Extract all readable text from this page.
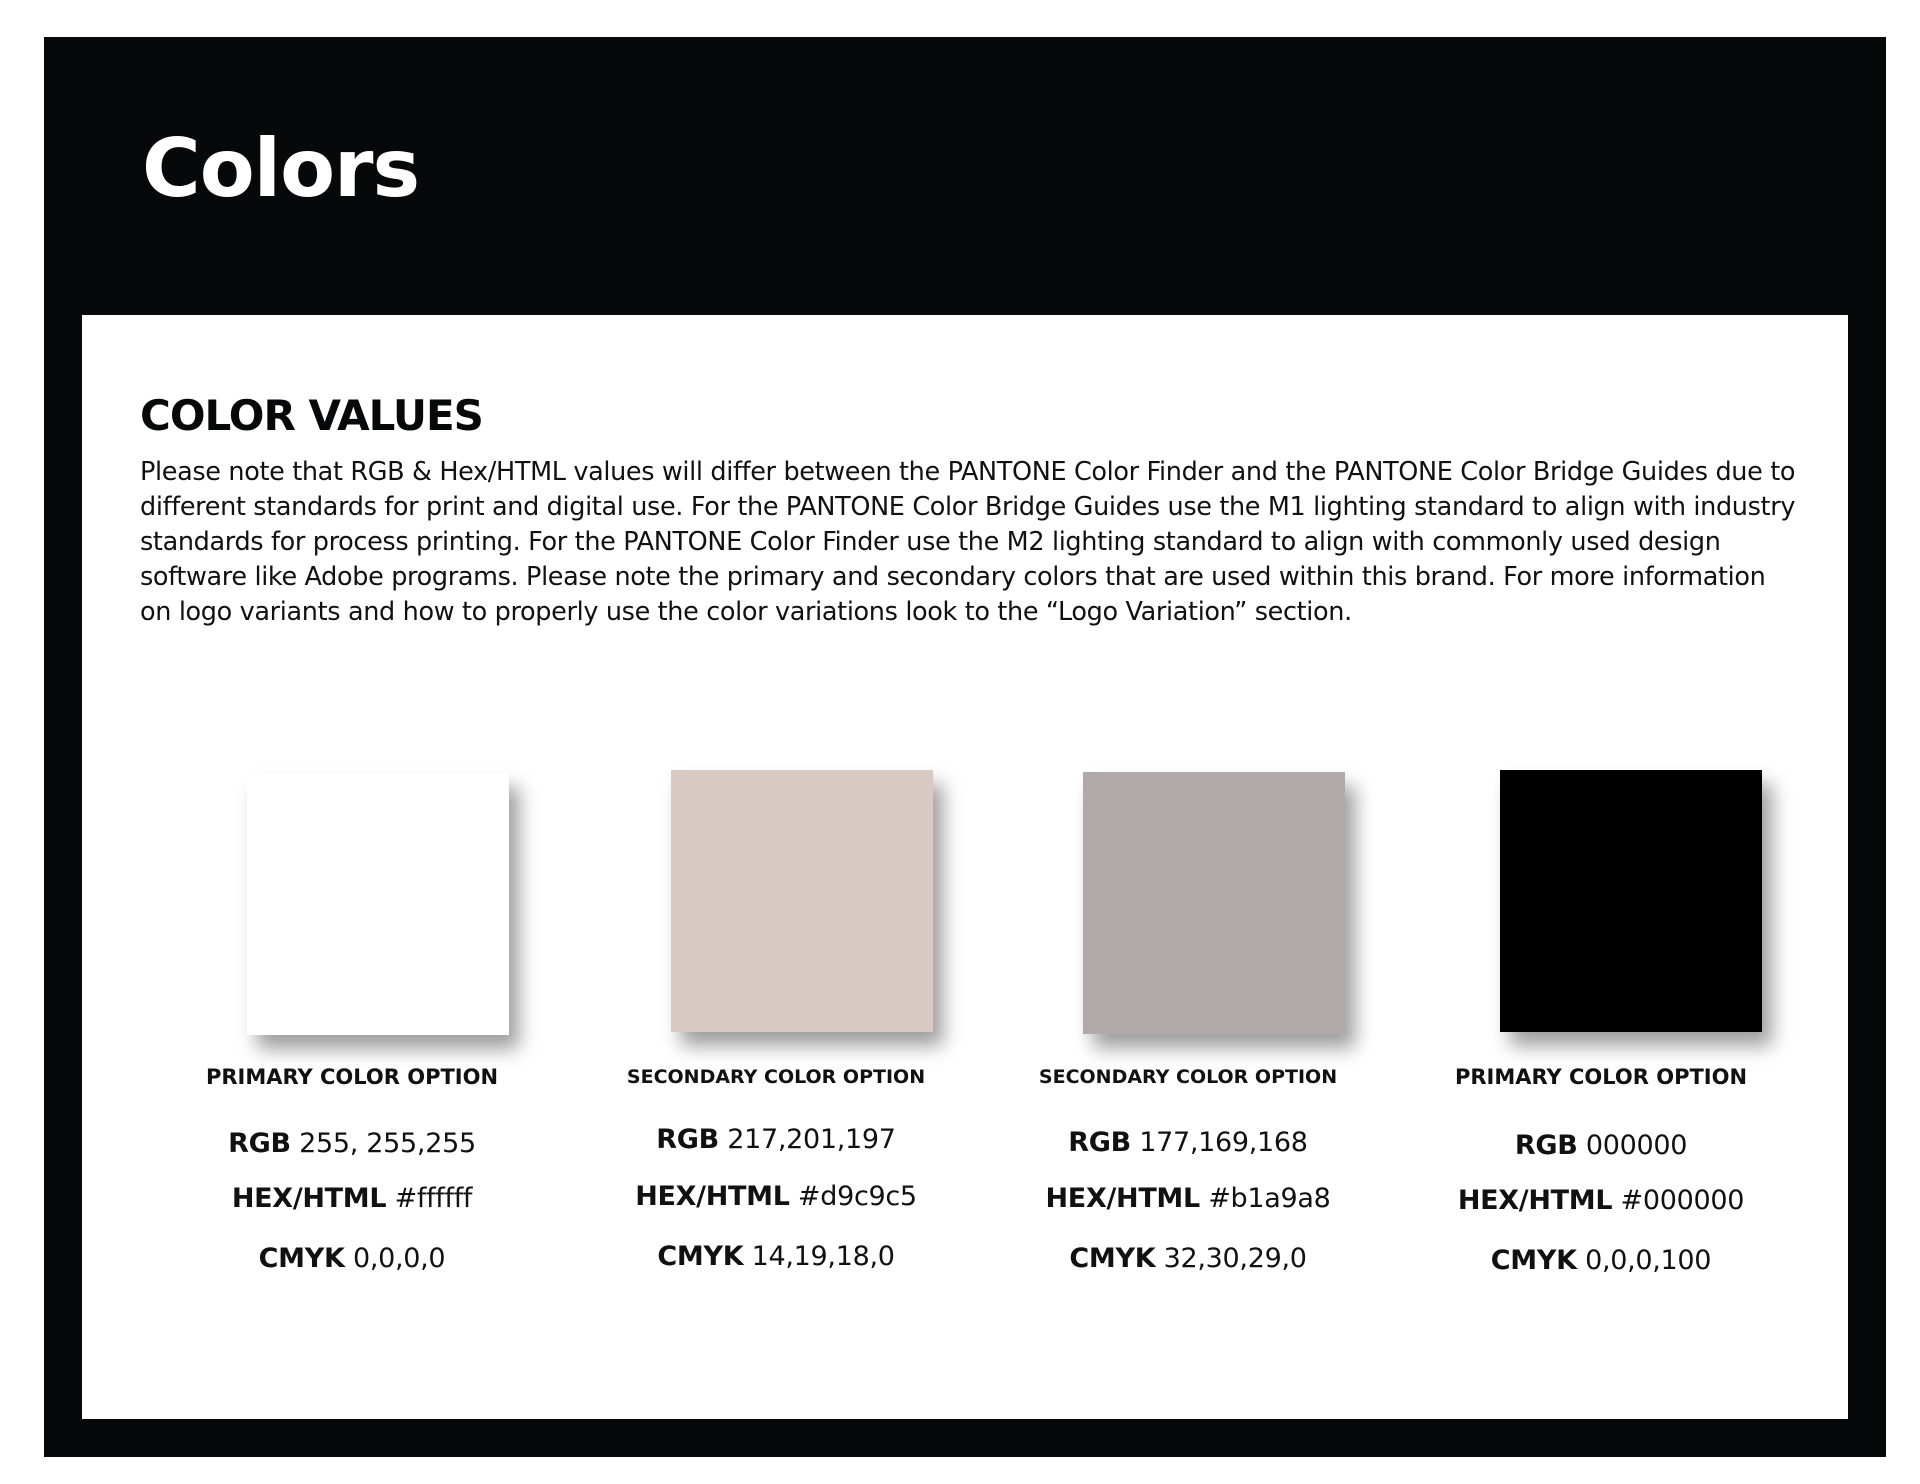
Colors
COLOR VALUES
Please note that RGB & Hex/HTML values will differ between the PANTONE Color Finder and the PANTONE Color Bridge Guides due to different standards for print and digital use. For the PANTONE Color Bridge Guides use the M1 lighting standard to align with industry standards for process printing. For the PANTONE Color Finder use the M2 lighting standard to align with commonly used design software like Adobe programs. Please note the primary and secondary colors that are used within this brand. For more information on logo variants and how to properly use the color variations look to the “Logo Variation” section.
PRIMARY COLOR OPTION
RGB 255, 255,255
HEX/HTML #ffffff
CMYK 0,0,0,0
SECONDARY COLOR OPTION
RGB 217,201,197
HEX/HTML #d9c9c5
CMYK 14,19,18,0
SECONDARY COLOR OPTION
RGB 177,169,168
HEX/HTML #b1a9a8
CMYK 32,30,29,0
PRIMARY COLOR OPTION
RGB 000000
HEX/HTML #000000
CMYK 0,0,0,100
